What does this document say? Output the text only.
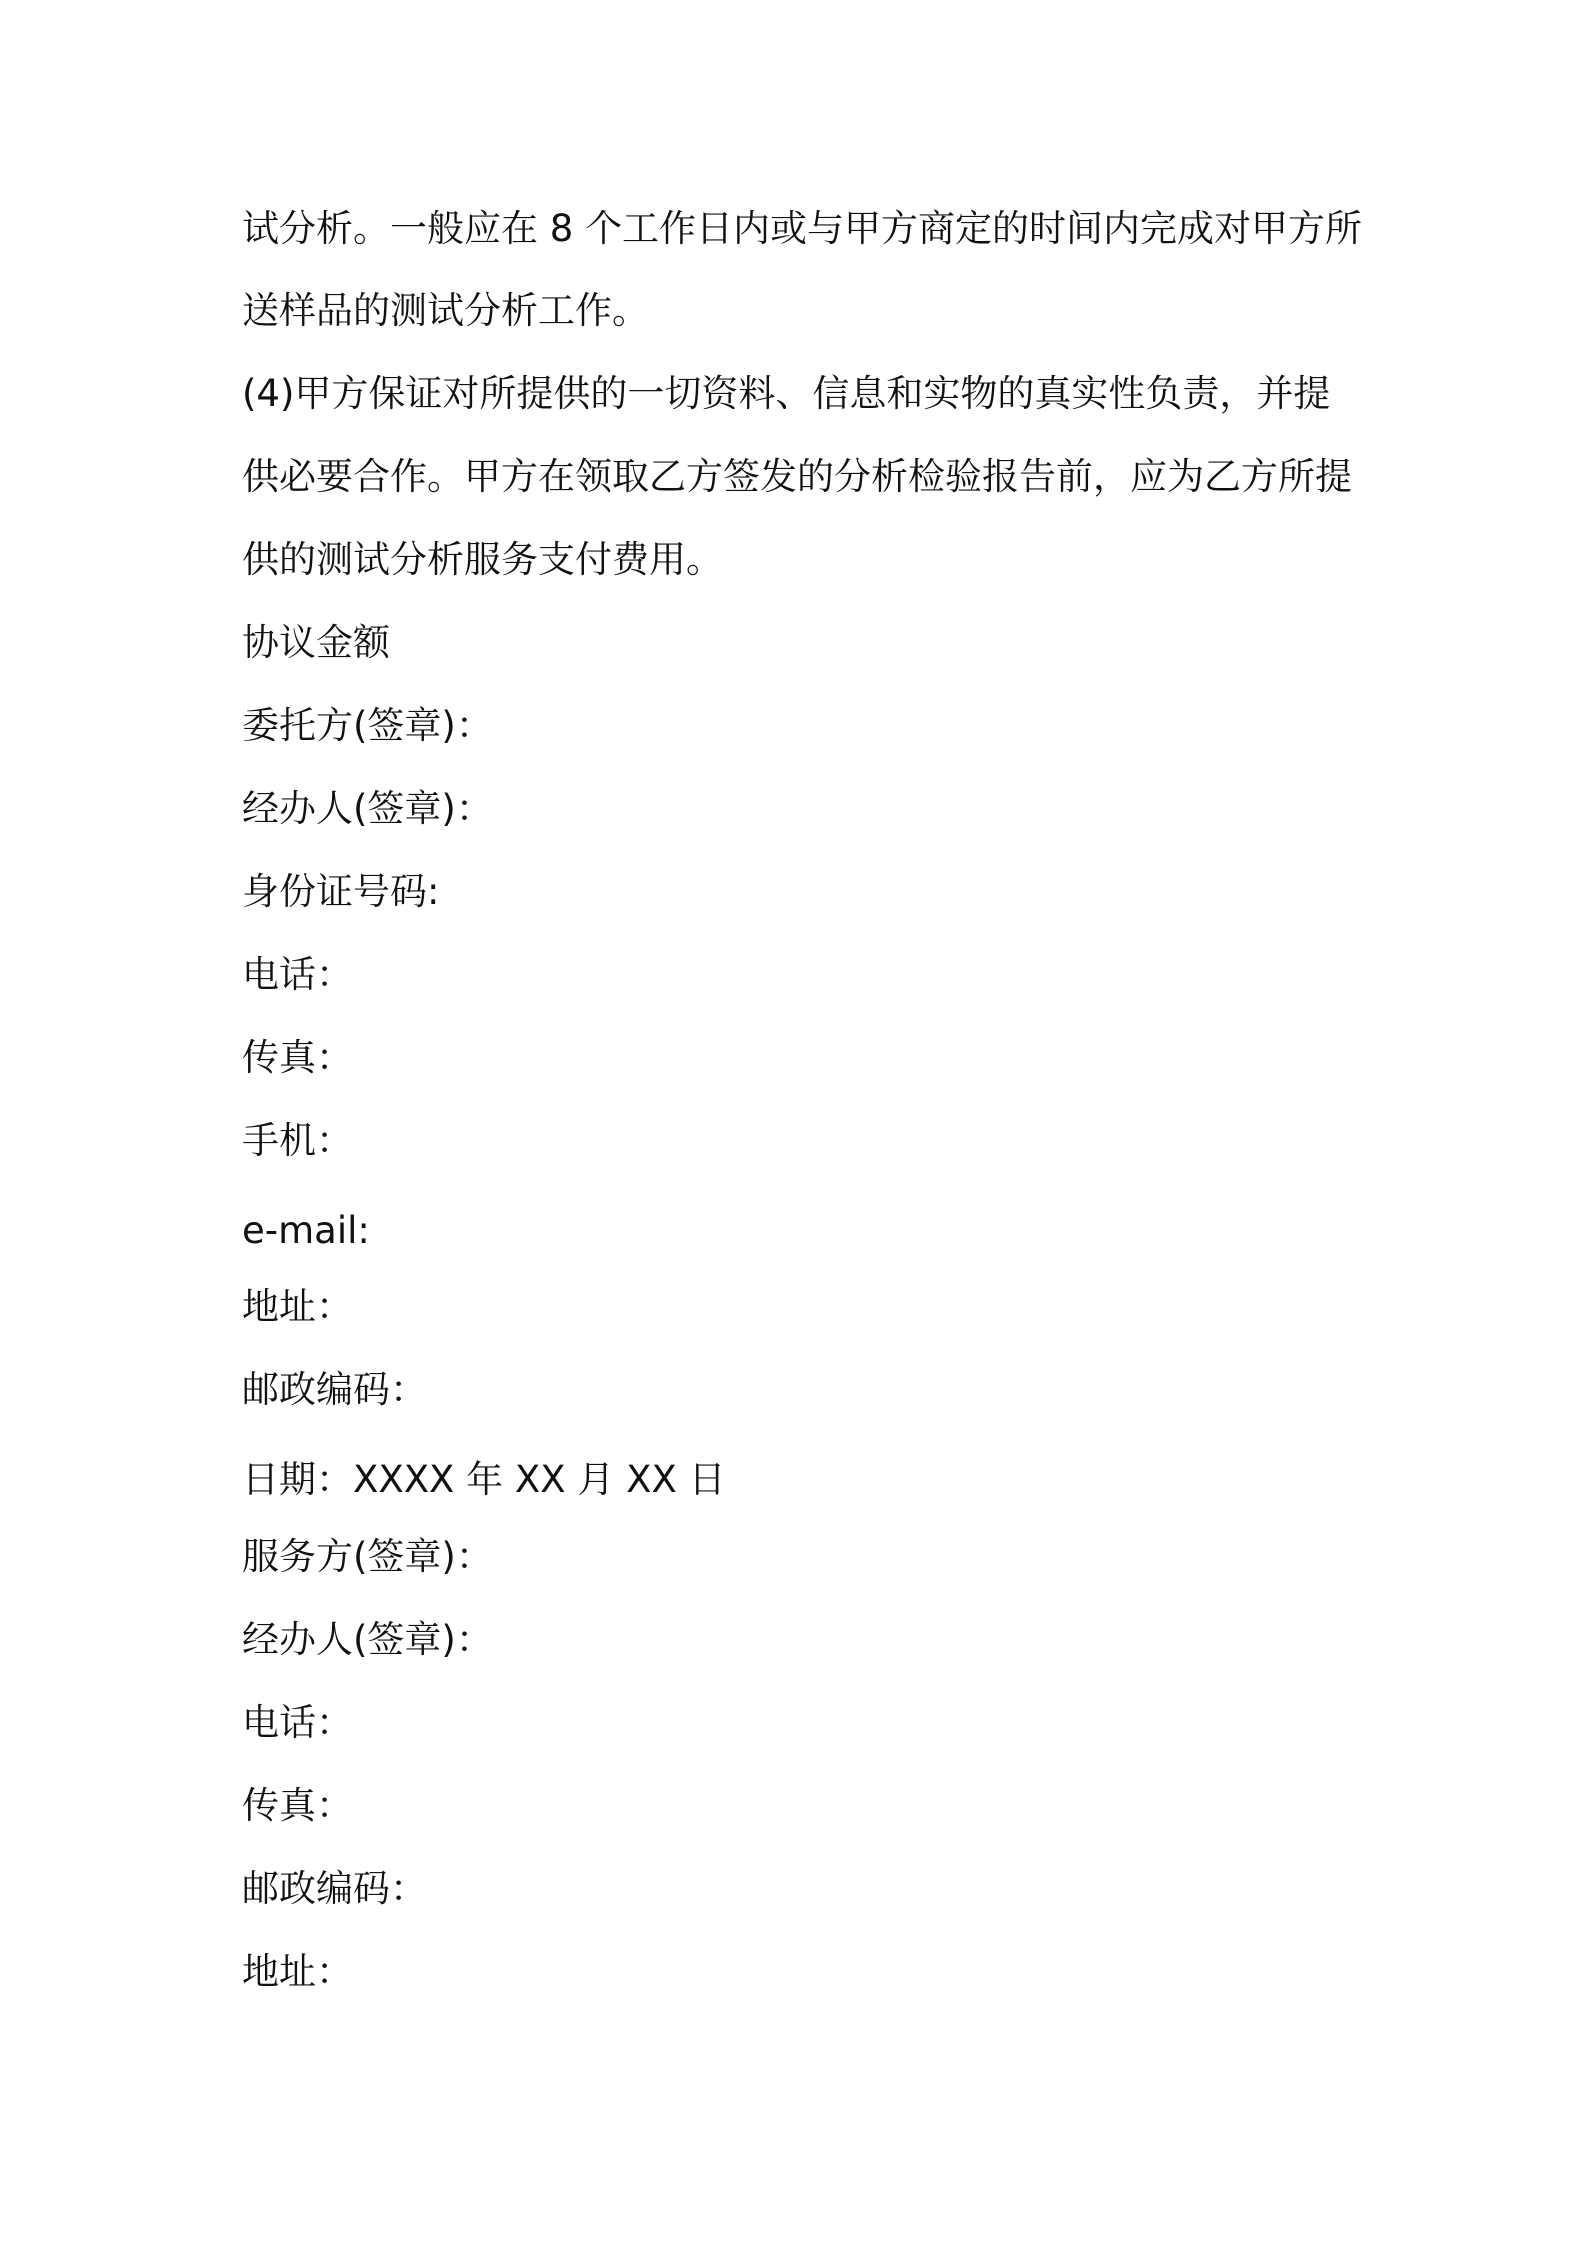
试分析。一般应在 8 个工作日内或与甲方商定的时间内完成对甲方所
送样品的测试分析工作。
(4)甲方保证对所提供的一切资料、信息和实物的真实性负责，并提
供必要合作。甲方在领取乙方签发的分析检验报告前，应为乙方所提
供的测试分析服务支付费用。
协议金额
委托方(签章)：
经办人(签章)：
身份证号码:
电话：
传真：
手机：
e-mail:
地址：
邮政编码：
日期：XXXX 年 XX 月 XX 日
服务方(签章)：
经办人(签章)：
电话：
传真：
邮政编码：
地址：
